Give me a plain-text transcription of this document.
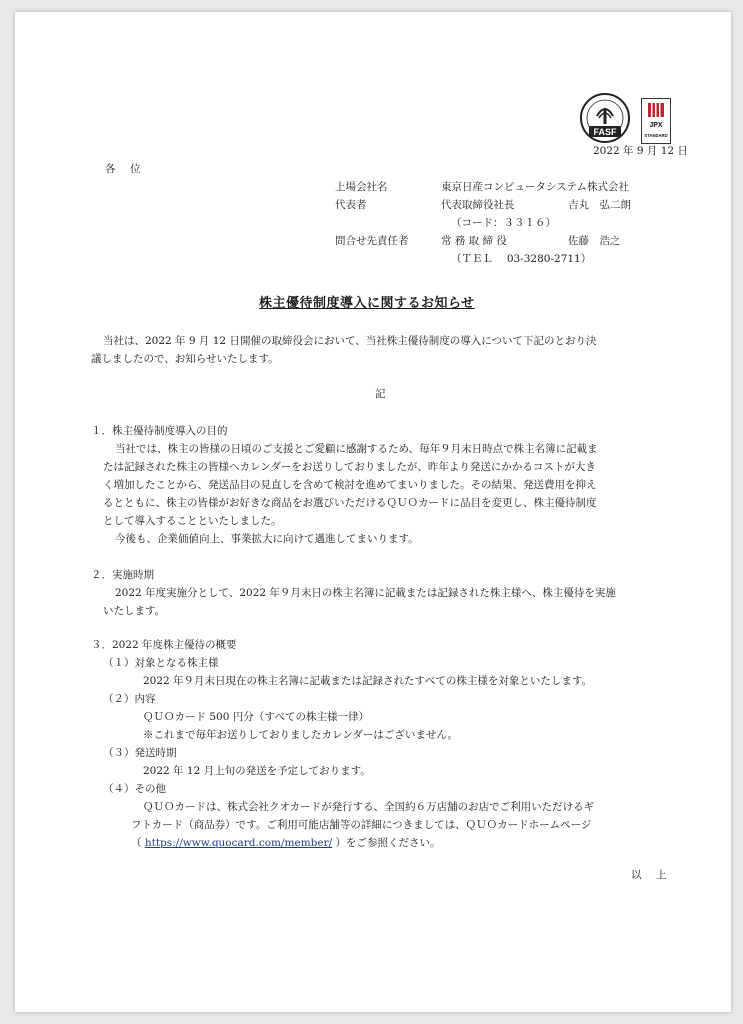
FASF
JPX
STANDARD
2022 年 9 月 12 日
各　位
上場会社名	東京日産コンピュータシステム株式会社
代表者	代表取締役社長	吉丸　弘二朗
（コード：３３１６）
問合せ先責任者	常 務 取 締 役	佐藤　浩之
（ＴＥＬ　 03-3280-2711）
株主優待制度導入に関するお知らせ
当社は、2022 年 9 月 12 日開催の取締役会において、当社株主優待制度の導入について下記のとおり決
議しましたので、お知らせいたします。
記
１．株主優待制度導入の目的
当社では、株主の皆様の日頃のご支援とご愛顧に感謝するため、毎年９月末日時点で株主名簿に記載ま
たは記録された株主の皆様へカレンダーをお送りしておりましたが、昨年より発送にかかるコストが大き
く増加したことから、発送品目の見直しを含めて検討を進めてまいりました。その結果、発送費用を抑え
るとともに、株主の皆様がお好きな商品をお選びいただけるＱＵＯカードに品目を変更し、株主優待制度
として導入することといたしました。
今後も、企業価値向上、事業拡大に向けて邁進してまいります。
２．実施時期
2022 年度実施分として、2022 年９月末日の株主名簿に記載または記録された株主様へ、株主優待を実施
いたします。
３．2022 年度株主優待の概要
（１）対象となる株主様
2022 年９月末日現在の株主名簿に記載または記録されたすべての株主様を対象といたします。
（２）内容
ＱＵＯカード 500 円分（すべての株主様一律）
※これまで毎年お送りしておりましたカレンダーはございません。
（３）発送時期
2022 年 12 月上旬の発送を予定しております。
（４）その他
ＱＵＯカードは、株式会社クオカードが発行する、全国約６万店舗のお店でご利用いただけるギ
フトカード（商品券）です。ご利用可能店舗等の詳細につきましては、ＱＵＯカードホームページ
（ https://www.quocard.com/member/ ）をご参照ください。
以　上
